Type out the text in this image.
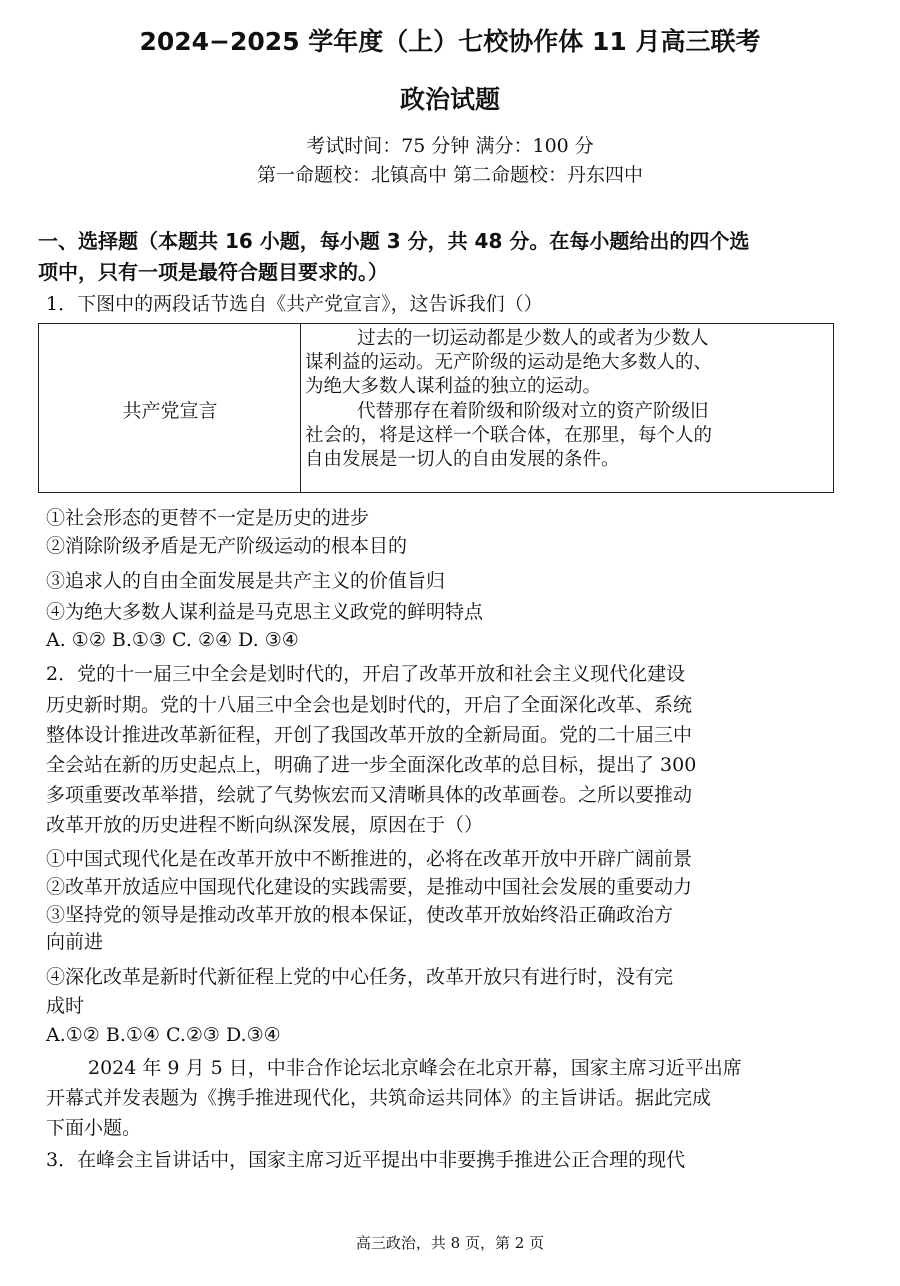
2024−2025 学年度（上）七校协作体 11 月高三联考
政治试题
考试时间：75 分钟 满分：100 分
第一命题校：北镇高中 第二命题校：丹东四中
一、选择题（本题共 16 小题，每小题 3 分，共 48 分。在每小题给出的四个选
项中，只有一项是最符合题目要求的。）
1．下图中的两段话节选自《共产党宣言》，这告诉我们（）
共产党宣言
过去的一切运动都是少数人的或者为少数人
谋利益的运动。无产阶级的运动是绝大多数人的、
为绝大多数人谋利益的独立的运动。
代替那存在着阶级和阶级对立的资产阶级旧
社会的，将是这样一个联合体，在那里，每个人的
自由发展是一切人的自由发展的条件。
①社会形态的更替不一定是历史的进步
②消除阶级矛盾是无产阶级运动的根本目的
③追求人的自由全面发展是共产主义的价值旨归
④为绝大多数人谋利益是马克思主义政党的鲜明特点
A. ①② B.①③ C. ②④ D. ③④
2．党的十一届三中全会是划时代的，开启了改革开放和社会主义现代化建设
历史新时期。党的十八届三中全会也是划时代的，开启了全面深化改革、系统
整体设计推进改革新征程，开创了我国改革开放的全新局面。党的二十届三中
全会站在新的历史起点上，明确了进一步全面深化改革的总目标，提出了 300
多项重要改革举措，绘就了气势恢宏而又清晰具体的改革画卷。之所以要推动
改革开放的历史进程不断向纵深发展，原因在于（）
①中国式现代化是在改革开放中不断推进的，必将在改革开放中开辟广阔前景
②改革开放适应中国现代化建设的实践需要，是推动中国社会发展的重要动力
③坚持党的领导是推动改革开放的根本保证，使改革开放始终沿正确政治方
向前进
④深化改革是新时代新征程上党的中心任务，改革开放只有进行时，没有完
成时
A.①② B.①④ C.②③ D.③④
2024 年 9 月 5 日，中非合作论坛北京峰会在北京开幕，国家主席习近平出席
开幕式并发表题为《携手推进现代化，共筑命运共同体》的主旨讲话。据此完成
下面小题。
3．在峰会主旨讲话中，国家主席习近平提出中非要携手推进公正合理的现代
高三政治，共 8 页，第 2 页
